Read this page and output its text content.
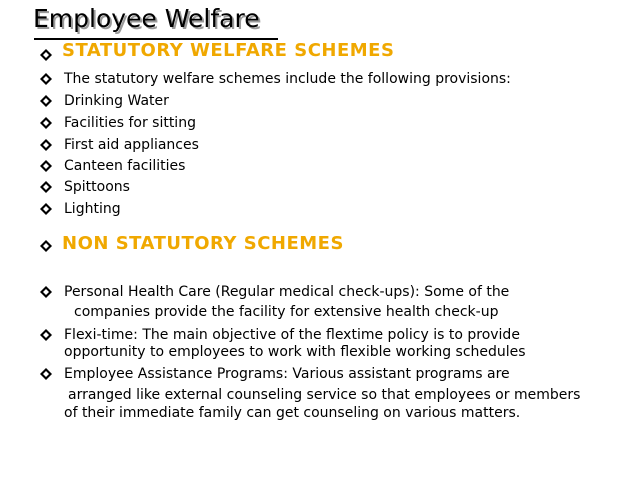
Employee Welfare
STATUTORY WELFARE SCHEMES
The statutory welfare schemes include the following provisions:
Drinking Water
Facilities for sitting
First aid appliances
Canteen facilities
Spittoons
Lighting
NON STATUTORY SCHEMES
Personal Health Care (Regular medical check-ups): Some of the
companies provide the facility for extensive health check-up
Flexi-time: The main objective of the flextime policy is to provide
opportunity to employees to work with flexible working schedules
Employee Assistance Programs: Various assistant programs are
arranged like external counseling service so that employees or members
of their immediate family can get counseling on various matters.
